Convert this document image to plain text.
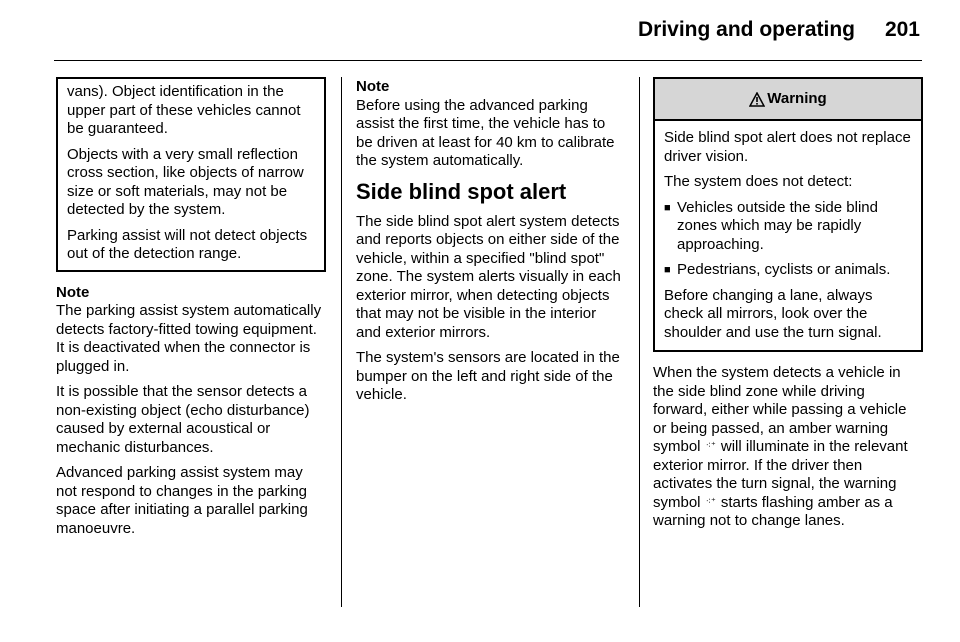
Driving and operating	201

vans). Object identification in the upper part of these vehicles cannot be guaranteed.

Objects with a very small reflection cross section, like objects of narrow size or soft materials, may not be detected by the system.

Parking assist will not detect objects out of the detection range.

Note

The parking assist system automatically detects factory-fitted towing equipment. It is deactivated when the connector is plugged in.

It is possible that the sensor detects a non-existing object (echo disturbance) caused by external acoustical or mechanic disturbances.

Advanced parking assist system may not respond to changes in the parking space after initiating a parallel parking manoeuvre.

Note

Before using the advanced parking assist the first time, the vehicle has to be driven at least for 40 km to calibrate the system automatically.

Side blind spot alert

The side blind spot alert system detects and reports objects on either side of the vehicle, within a specified "blind spot" zone. The system alerts visually in each exterior mirror, when detecting objects that may not be visible in the interior and exterior mirrors.

The system's sensors are located in the bumper on the left and right side of the vehicle.

Warning

Side blind spot alert does not replace driver vision.

The system does not detect:

■ Vehicles outside the side blind zones which may be rapidly approaching.
■ Pedestrians, cyclists or animals.

Before changing a lane, always check all mirrors, look over the shoulder and use the turn signal.

When the system detects a vehicle in the side blind zone while driving forward, either while passing a vehicle or being passed, an amber warning symbol ⁖⁺ will illuminate in the relevant exterior mirror. If the driver then activates the turn signal, the warning symbol ⁖⁺ starts flashing amber as a warning not to change lanes.
